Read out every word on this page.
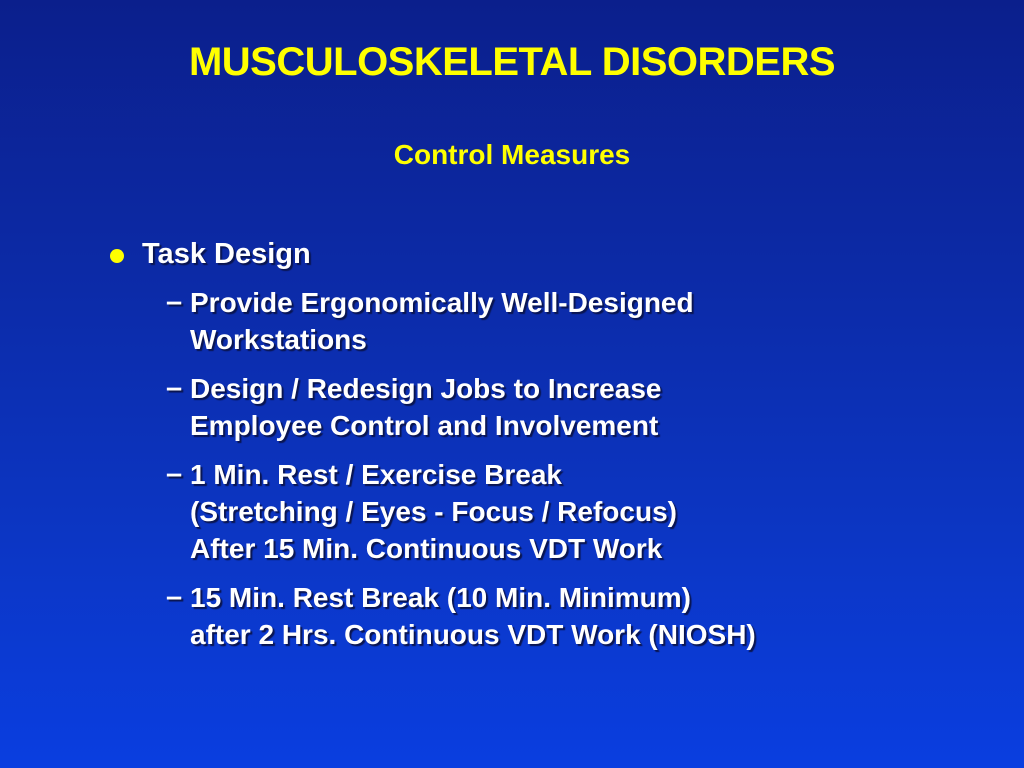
MUSCULOSKELETAL DISORDERS
Control Measures
Task Design
– Provide Ergonomically Well-Designed
Workstations
– Design / Redesign Jobs to Increase
Employee Control and Involvement
– 1 Min. Rest / Exercise Break
(Stretching / Eyes - Focus / Refocus)
After 15 Min. Continuous VDT Work
– 15 Min. Rest Break (10 Min. Minimum)
after 2 Hrs. Continuous VDT Work (NIOSH)
